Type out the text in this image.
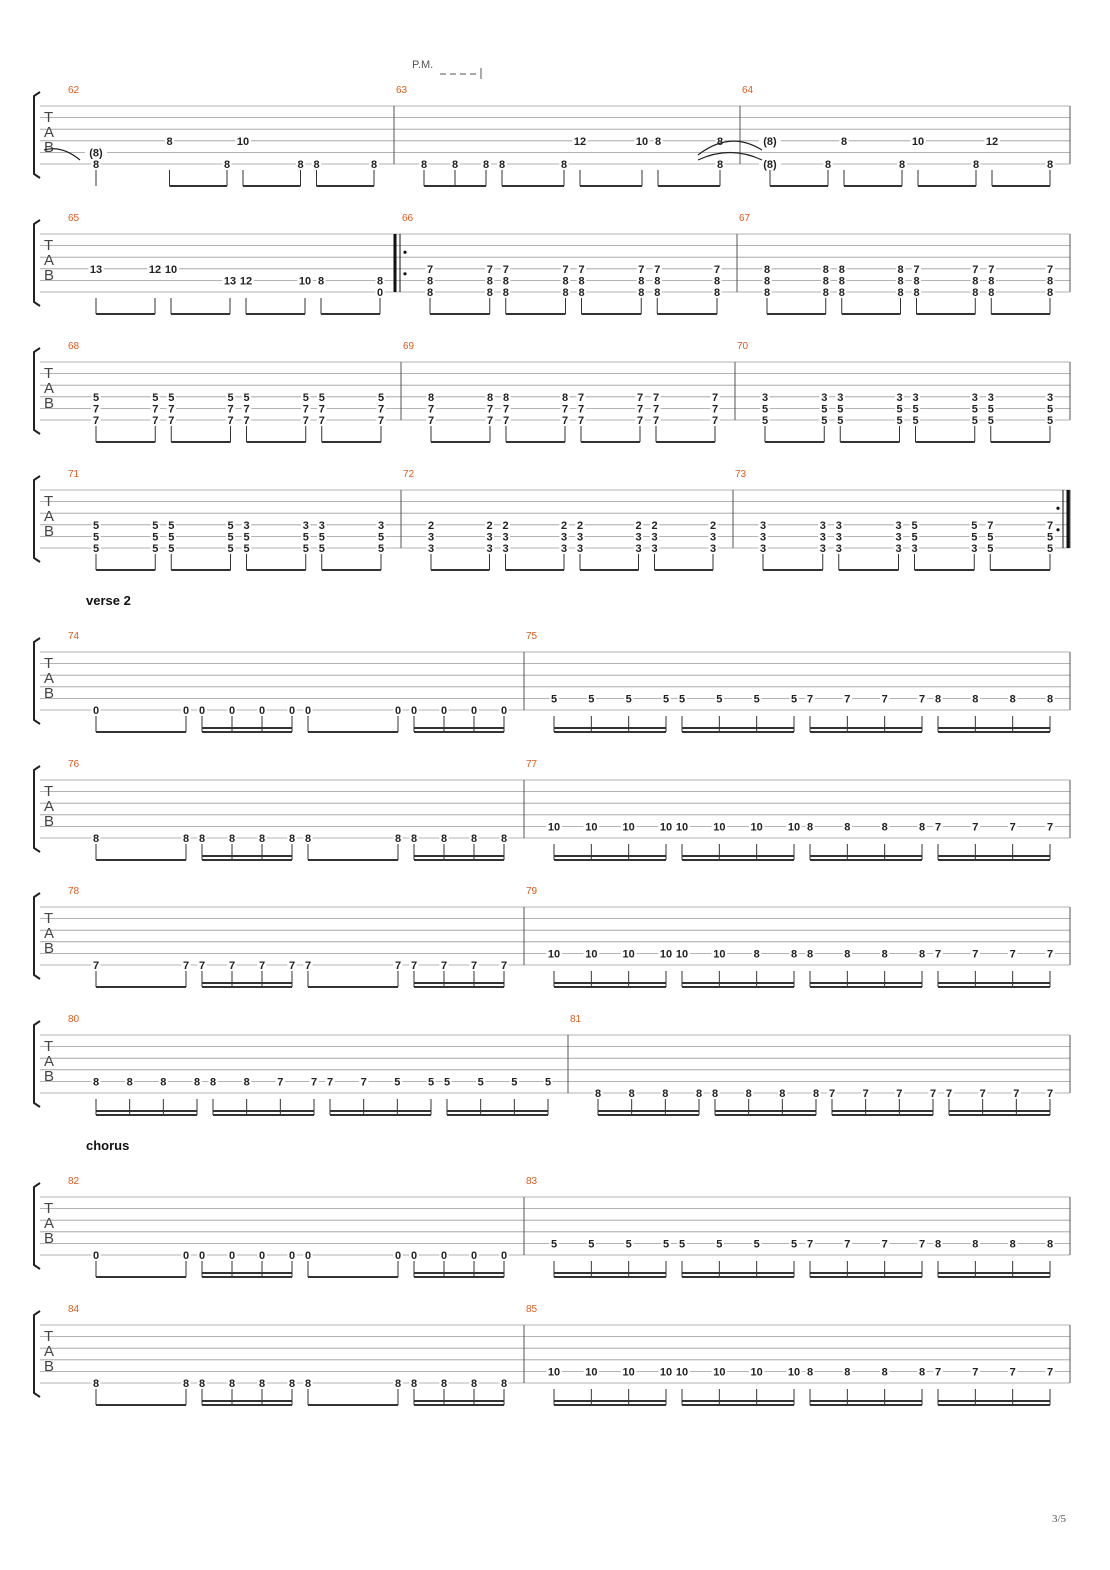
T
A
B
62
(8)
8
8
8
10
8 8	8
63
8 8 8 8	8
12	10 8	8
8
64
(8)
(8)	8
8
8
10
8
12
8
T
A
B
65
13	12 10
13 12	10 8	8
0
66
7
8
8
7
8
8
7
8
8
7
8
8
7
8
8
7
8
8
7
8
8
7
8
8
67
8
8
8
8
8
8
8
8
8
8
8
8
7
8
8
7
8
8
7
8
8
7
8
8
T
A
B
68
5
7
7
5
7
7
5
7
7
5
7
7
5
7
7
5
7
7
5
7
7
5
7
7
69
8
7
7
8
7
7
8
7
7
8
7
7
7
7
7
7
7
7
7
7
7
7
7
7
70
3
5
5
3
5
5
3
5
5
3
5
5
3
5
5
3
5
5
3
5
5
3
5
5
T
A
B
71
5
5
5
5
5
5
5
5
5
5
5
5
3
5
5
3
5
5
3
5
5
3
5
5
72
2
3
3
2
3
3
2
3
3
2
3
3
2
3
3
2
3
3
2
3
3
2
3
3
73
3
3
3
3
3
3
3
3
3
3
3
3
5
5
3
5
5
3
7
5
5
7
5
5
verse 2
T
A
B
74
0	0 0 0 0 0 0	0 0 0 0 0
75
5	5	5	5 5	5	5	5 7	7	7	7 8	8	8	8
T
A
B
76
8	8 8 8 8 8 8	8 8 8 8 8
77
10 10 10 10 10 10 10 10 8	8	8	8 7	7	7	7
T
A
B
78
7	7 7 7 7 7 7	7 7 7 7 7
79
10 10 10 10 10 10	8	8 8	8	8	8 7	7	7	7
T
A
B
80
8	8	8	8 8	8	7	7 7	7	5	5 5	5	5	5
81
8	8	8	8 8	8	8	8 7	7	7	7 7	7	7	7
chorus
T
A
B
82
0	0 0 0 0 0 0	0 0 0 0 0
83
5	5	5	5 5	5	5	5 7	7	7	7 8	8	8	8
T
A
B
84
8	8 8 8 8 8 8	8 8 8 8 8
85
10 10 10 10 10 10 10 10 8	8	8	8 7	7	7	7
P.M.
3/5
